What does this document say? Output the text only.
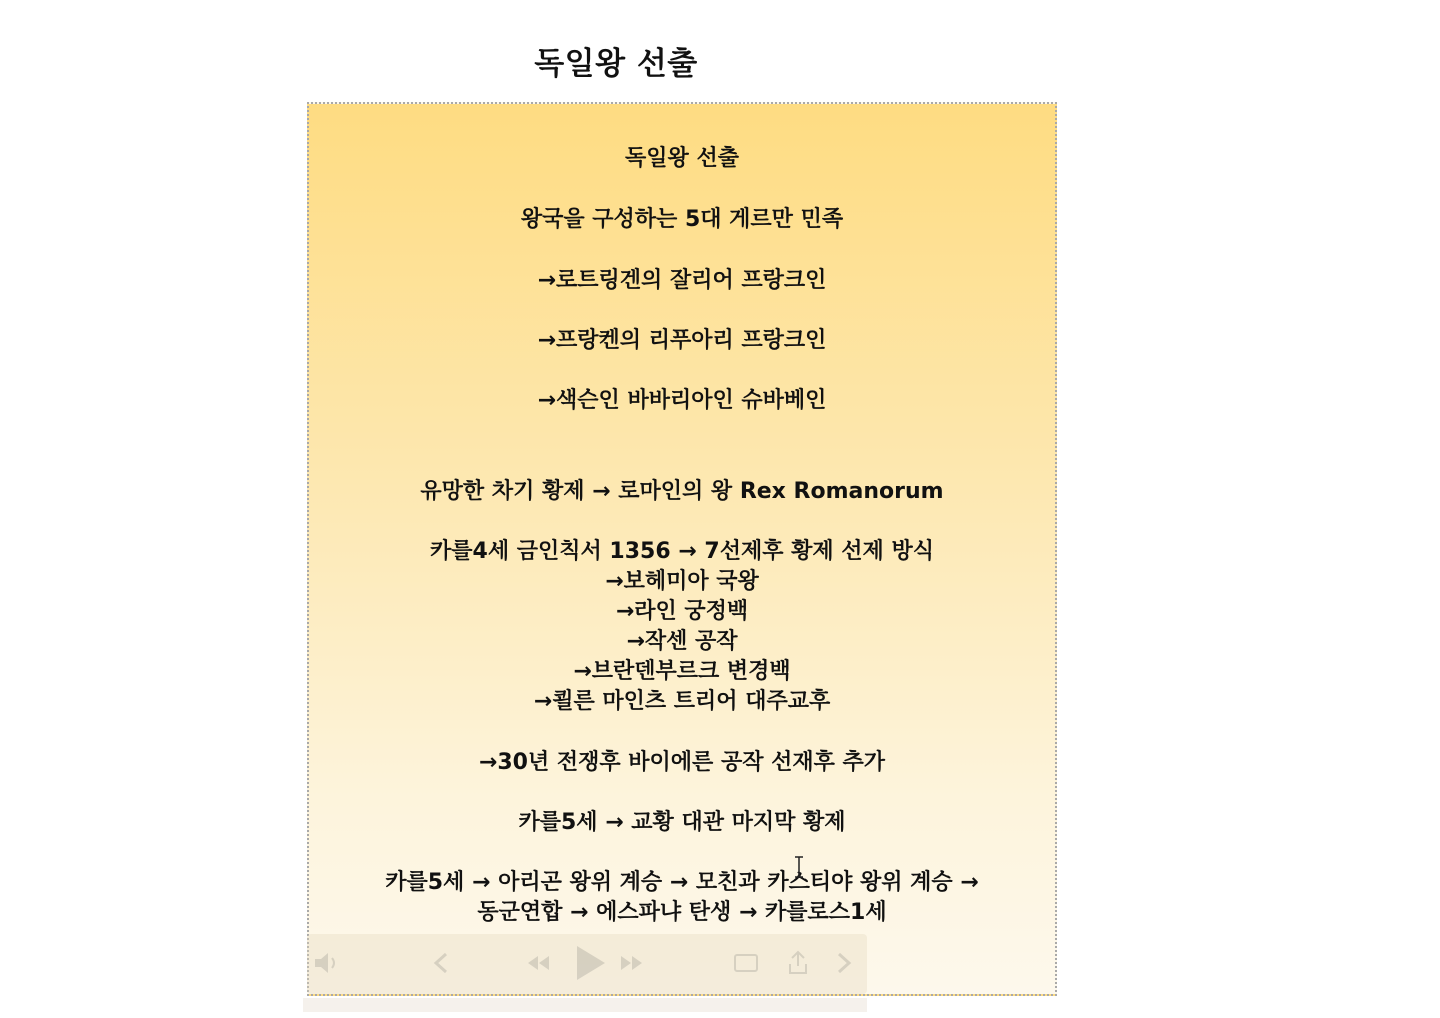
독일왕 선출
독일왕 선출
왕국을 구성하는 5대 게르만 민족
→로트링겐의 잘리어 프랑크인
→프랑켄의 리푸아리 프랑크인
→색슨인 바바리아인 슈바베인
유망한 차기 황제 → 로마인의 왕 Rex Romanorum
카를4세 금인칙서 1356 → 7선제후 황제 선제 방식
→보헤미아 국왕
→라인 궁정백
→작센 공작
→브란덴부르크 변경백
→쾰른 마인츠 트리어 대주교후
→30년 전쟁후 바이에른 공작 선재후 추가
카를5세 → 교황 대관 마지막 황제
카를5세 → 아리곤 왕위 계승 → 모친과 카스티야 왕위 계승 →
동군연합 → 에스파냐 탄생 → 카를로스1세
